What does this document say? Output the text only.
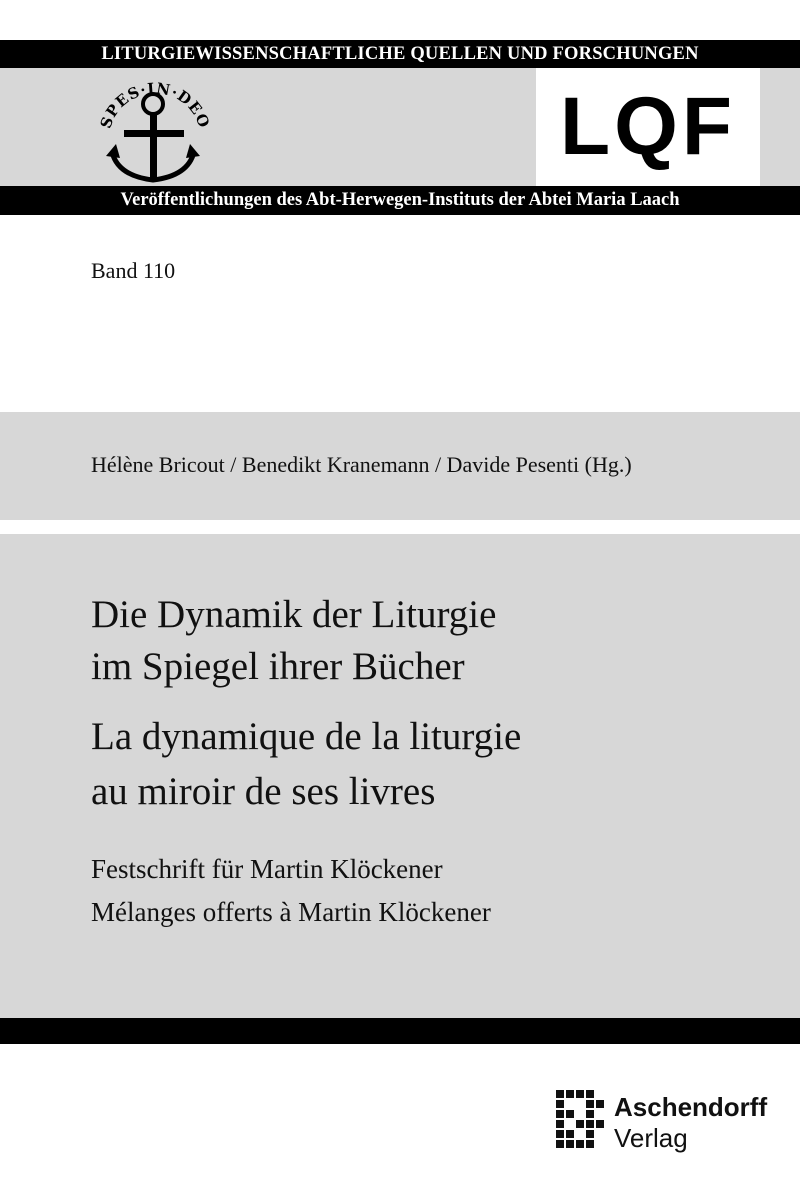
LITURGIEWISSENSCHAFTLICHE QUELLEN UND FORSCHUNGEN
SPES·IN·DEO	LQF
Veröffentlichungen des Abt-Herwegen-Instituts der Abtei Maria Laach
Band 110
Hélène Bricout / Benedikt Kranemann / Davide Pesenti (Hg.)
Die Dynamik der Liturgie
im Spiegel ihrer Bücher
La dynamique de la liturgie
au miroir de ses livres
Festschrift für Martin Klöckener
Mélanges offerts à Martin Klöckener
Aschendorff
Verlag
